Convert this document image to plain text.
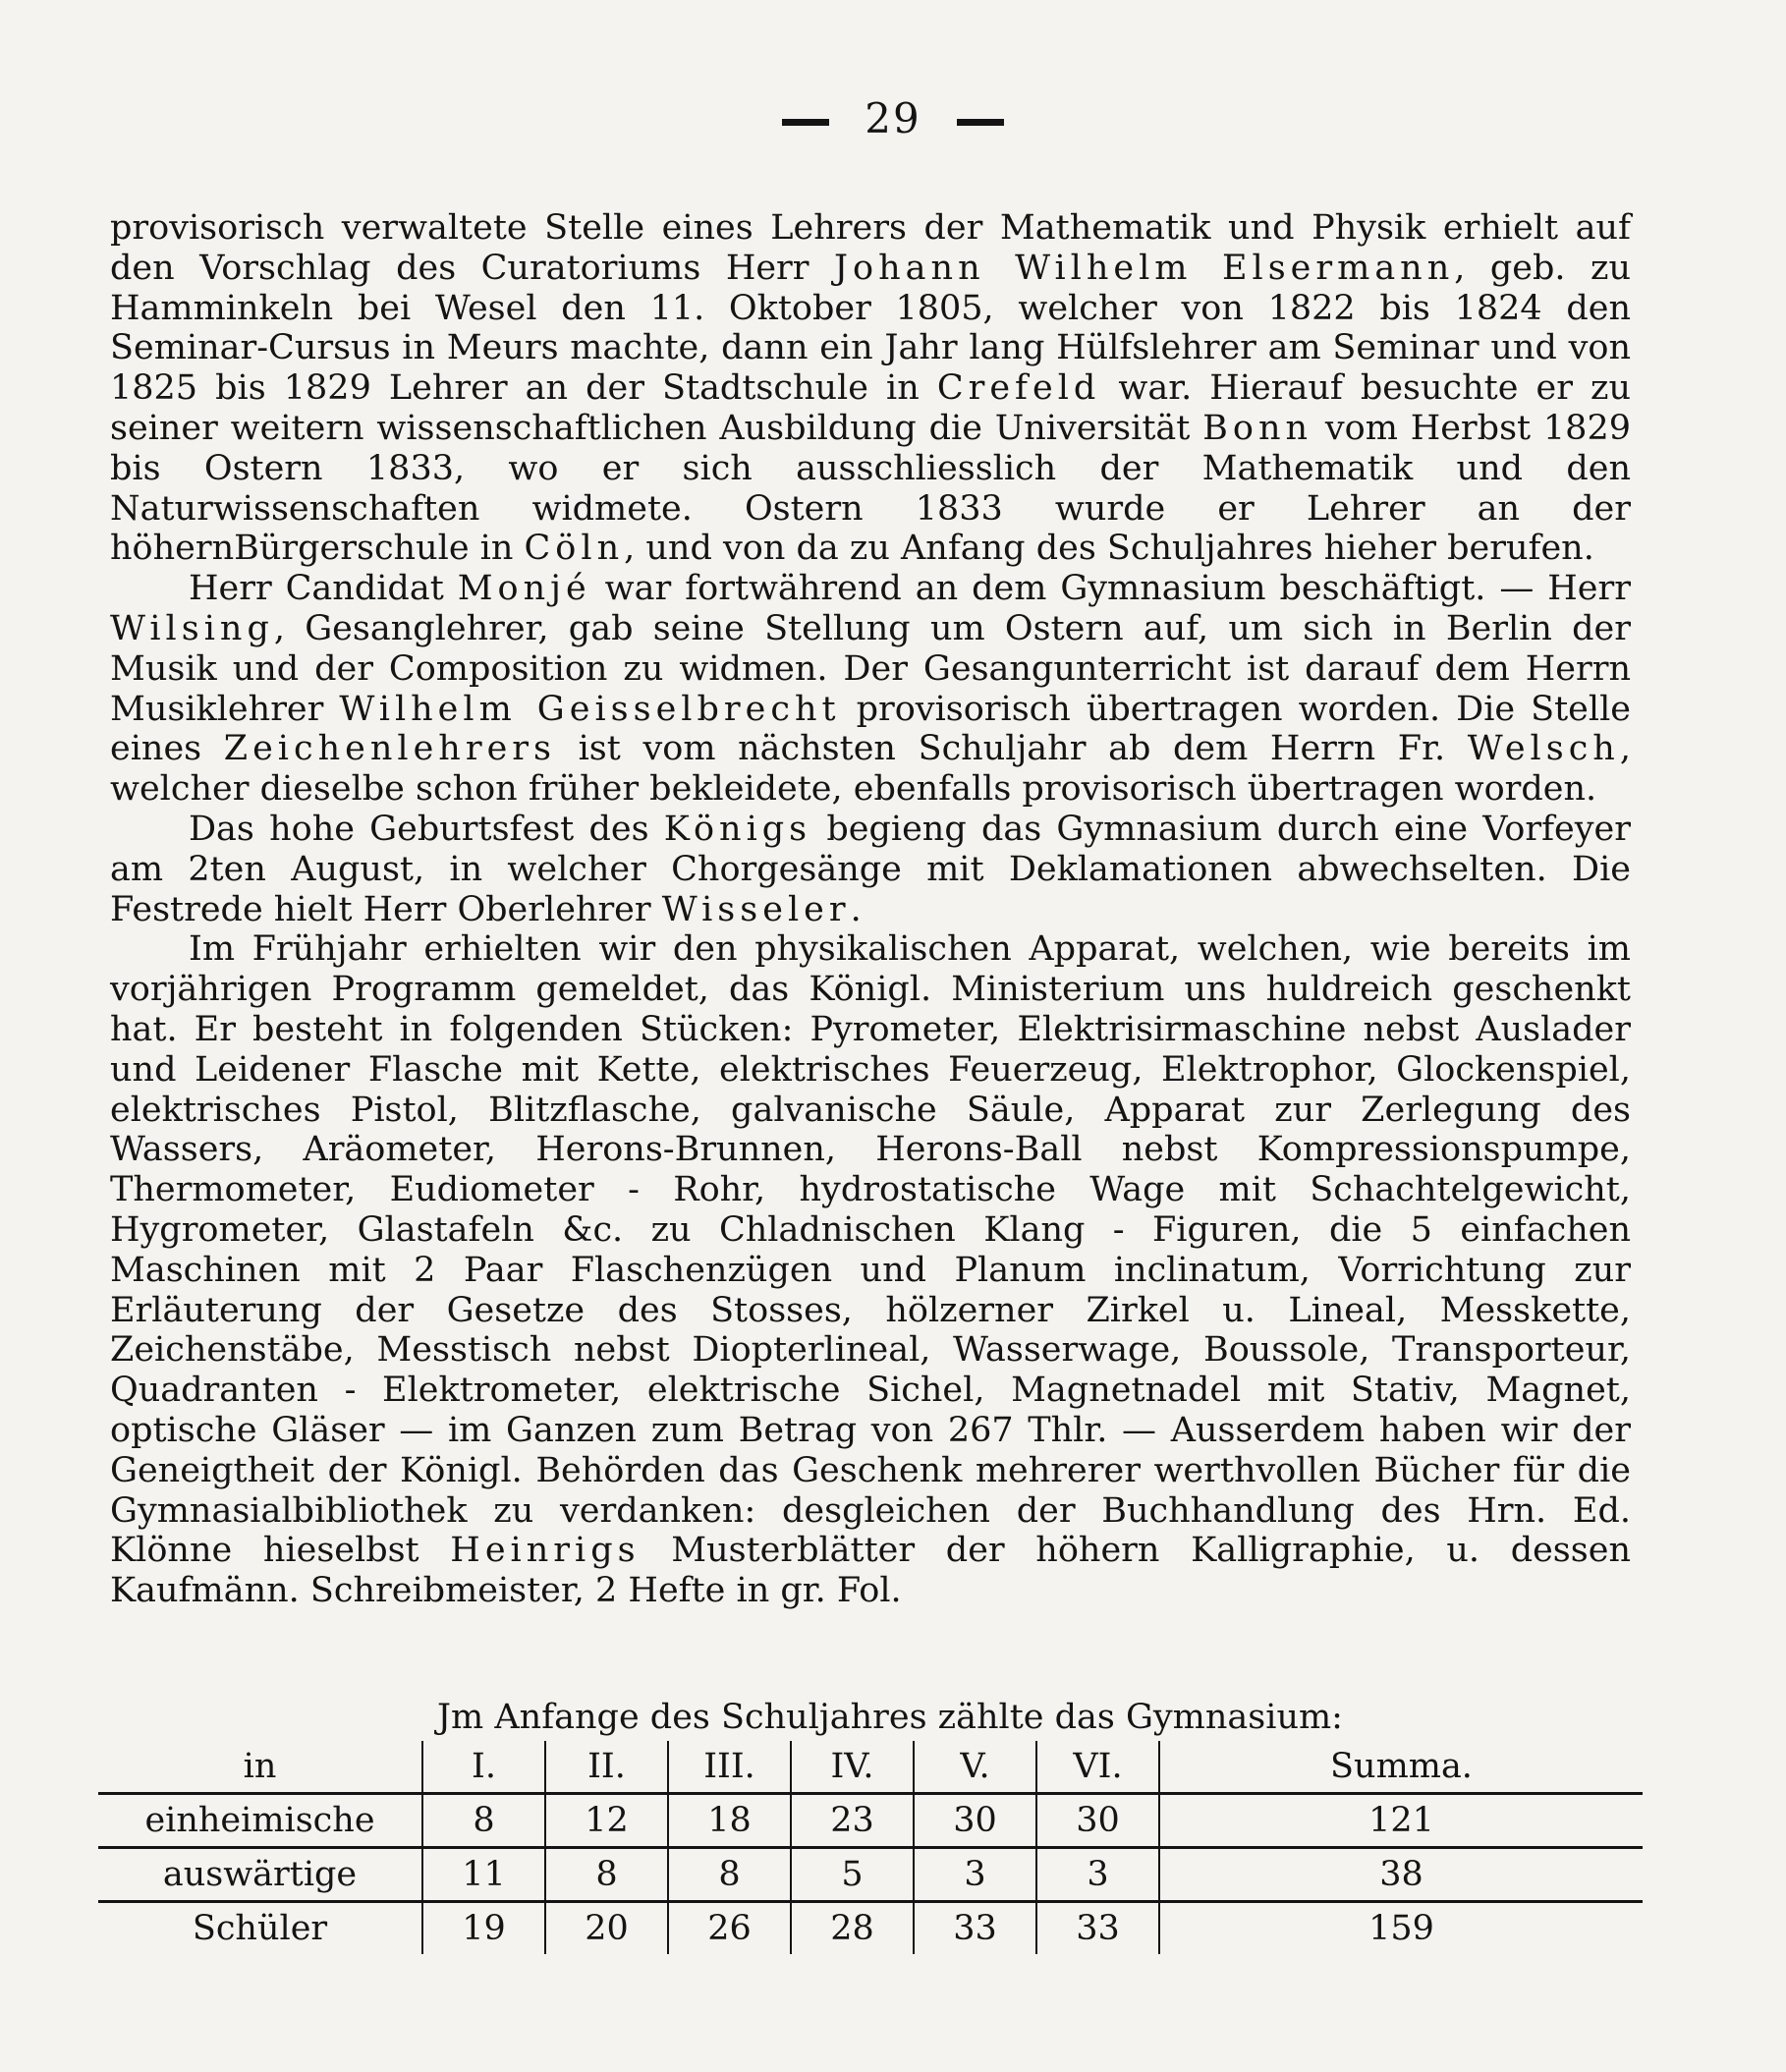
29

provisorisch verwaltete Stelle eines Lehrers der Mathematik und Physik erhielt auf den Vorschlag des Curatoriums Herr Johann Wilhelm Elsermann, geb. zu Hamminkeln bei Wesel den 11. Oktober 1805, welcher von 1822 bis 1824 den Seminar-Cursus in Meurs machte, dann ein Jahr lang Hülfslehrer am Seminar und von 1825 bis 1829 Lehrer an der Stadtschule in Crefeld war. Hierauf besuchte er zu seiner weitern wissenschaftlichen Ausbildung die Universität Bonn vom Herbst 1829 bis Ostern 1833, wo er sich ausschliesslich der Mathematik und den Naturwissenschaften widmete. Ostern 1833 wurde er Lehrer an der höhernBürgerschule in Cöln, und von da zu Anfang des Schuljahres hieher berufen.

Herr Candidat Monjé war fortwährend an dem Gymnasium beschäftigt. — Herr Wilsing, Gesanglehrer, gab seine Stellung um Ostern auf, um sich in Berlin der Musik und der Composition zu widmen. Der Gesangunterricht ist darauf dem Herrn Musiklehrer Wilhelm Geisselbrecht provisorisch übertragen worden. Die Stelle eines Zeichenlehrers ist vom nächsten Schuljahr ab dem Herrn Fr. Welsch, welcher dieselbe schon früher bekleidete, ebenfalls provisorisch übertragen worden.

Das hohe Geburtsfest des Königs begieng das Gymnasium durch eine Vorfeyer am 2ten August, in welcher Chorgesänge mit Deklamationen abwechselten. Die Festrede hielt Herr Oberlehrer Wisseler.

Im Frühjahr erhielten wir den physikalischen Apparat, welchen, wie bereits im vorjährigen Programm gemeldet, das Königl. Ministerium uns huldreich geschenkt hat. Er besteht in folgenden Stücken: Pyrometer, Elektrisirmaschine nebst Auslader und Leidener Flasche mit Kette, elektrisches Feuerzeug, Elektrophor, Glockenspiel, elektrisches Pistol, Blitzflasche, galvanische Säule, Apparat zur Zerlegung des Wassers, Aräometer, Herons-Brunnen, Herons-Ball nebst Kompressionspumpe, Thermometer, Eudiometer - Rohr, hydrostatische Wage mit Schachtelgewicht, Hygrometer, Glastafeln &c. zu Chladnischen Klang - Figuren, die 5 einfachen Maschinen mit 2 Paar Flaschenzügen und Planum inclinatum, Vorrichtung zur Erläuterung der Gesetze des Stosses, hölzerner Zirkel u. Lineal, Messkette, Zeichenstäbe, Messtisch nebst Diopterlineal, Wasserwage, Boussole, Transporteur, Quadranten - Elektrometer, elektrische Sichel, Magnetnadel mit Stativ, Magnet, optische Gläser — im Ganzen zum Betrag von 267 Thlr. — Ausserdem haben wir der Geneigtheit der Königl. Behörden das Geschenk mehrerer werthvollen Bücher für die Gymnasialbibliothek zu verdanken: desgleichen der Buchhandlung des Hrn. Ed. Klönne hieselbst Heinrigs Musterblätter der höhern Kalligraphie, u. dessen Kaufmänn. Schreibmeister, 2 Hefte in gr. Fol.

Jm Anfange des Schuljahres zählte das Gymnasium:
in	I.	II.	III.	IV.	V.	VI.	Summa.
einheimische	8	12	18	23	30	30	121
auswärtige	11	8	8	5	3	3	38
Schüler	19	20	26	28	33	33	159
